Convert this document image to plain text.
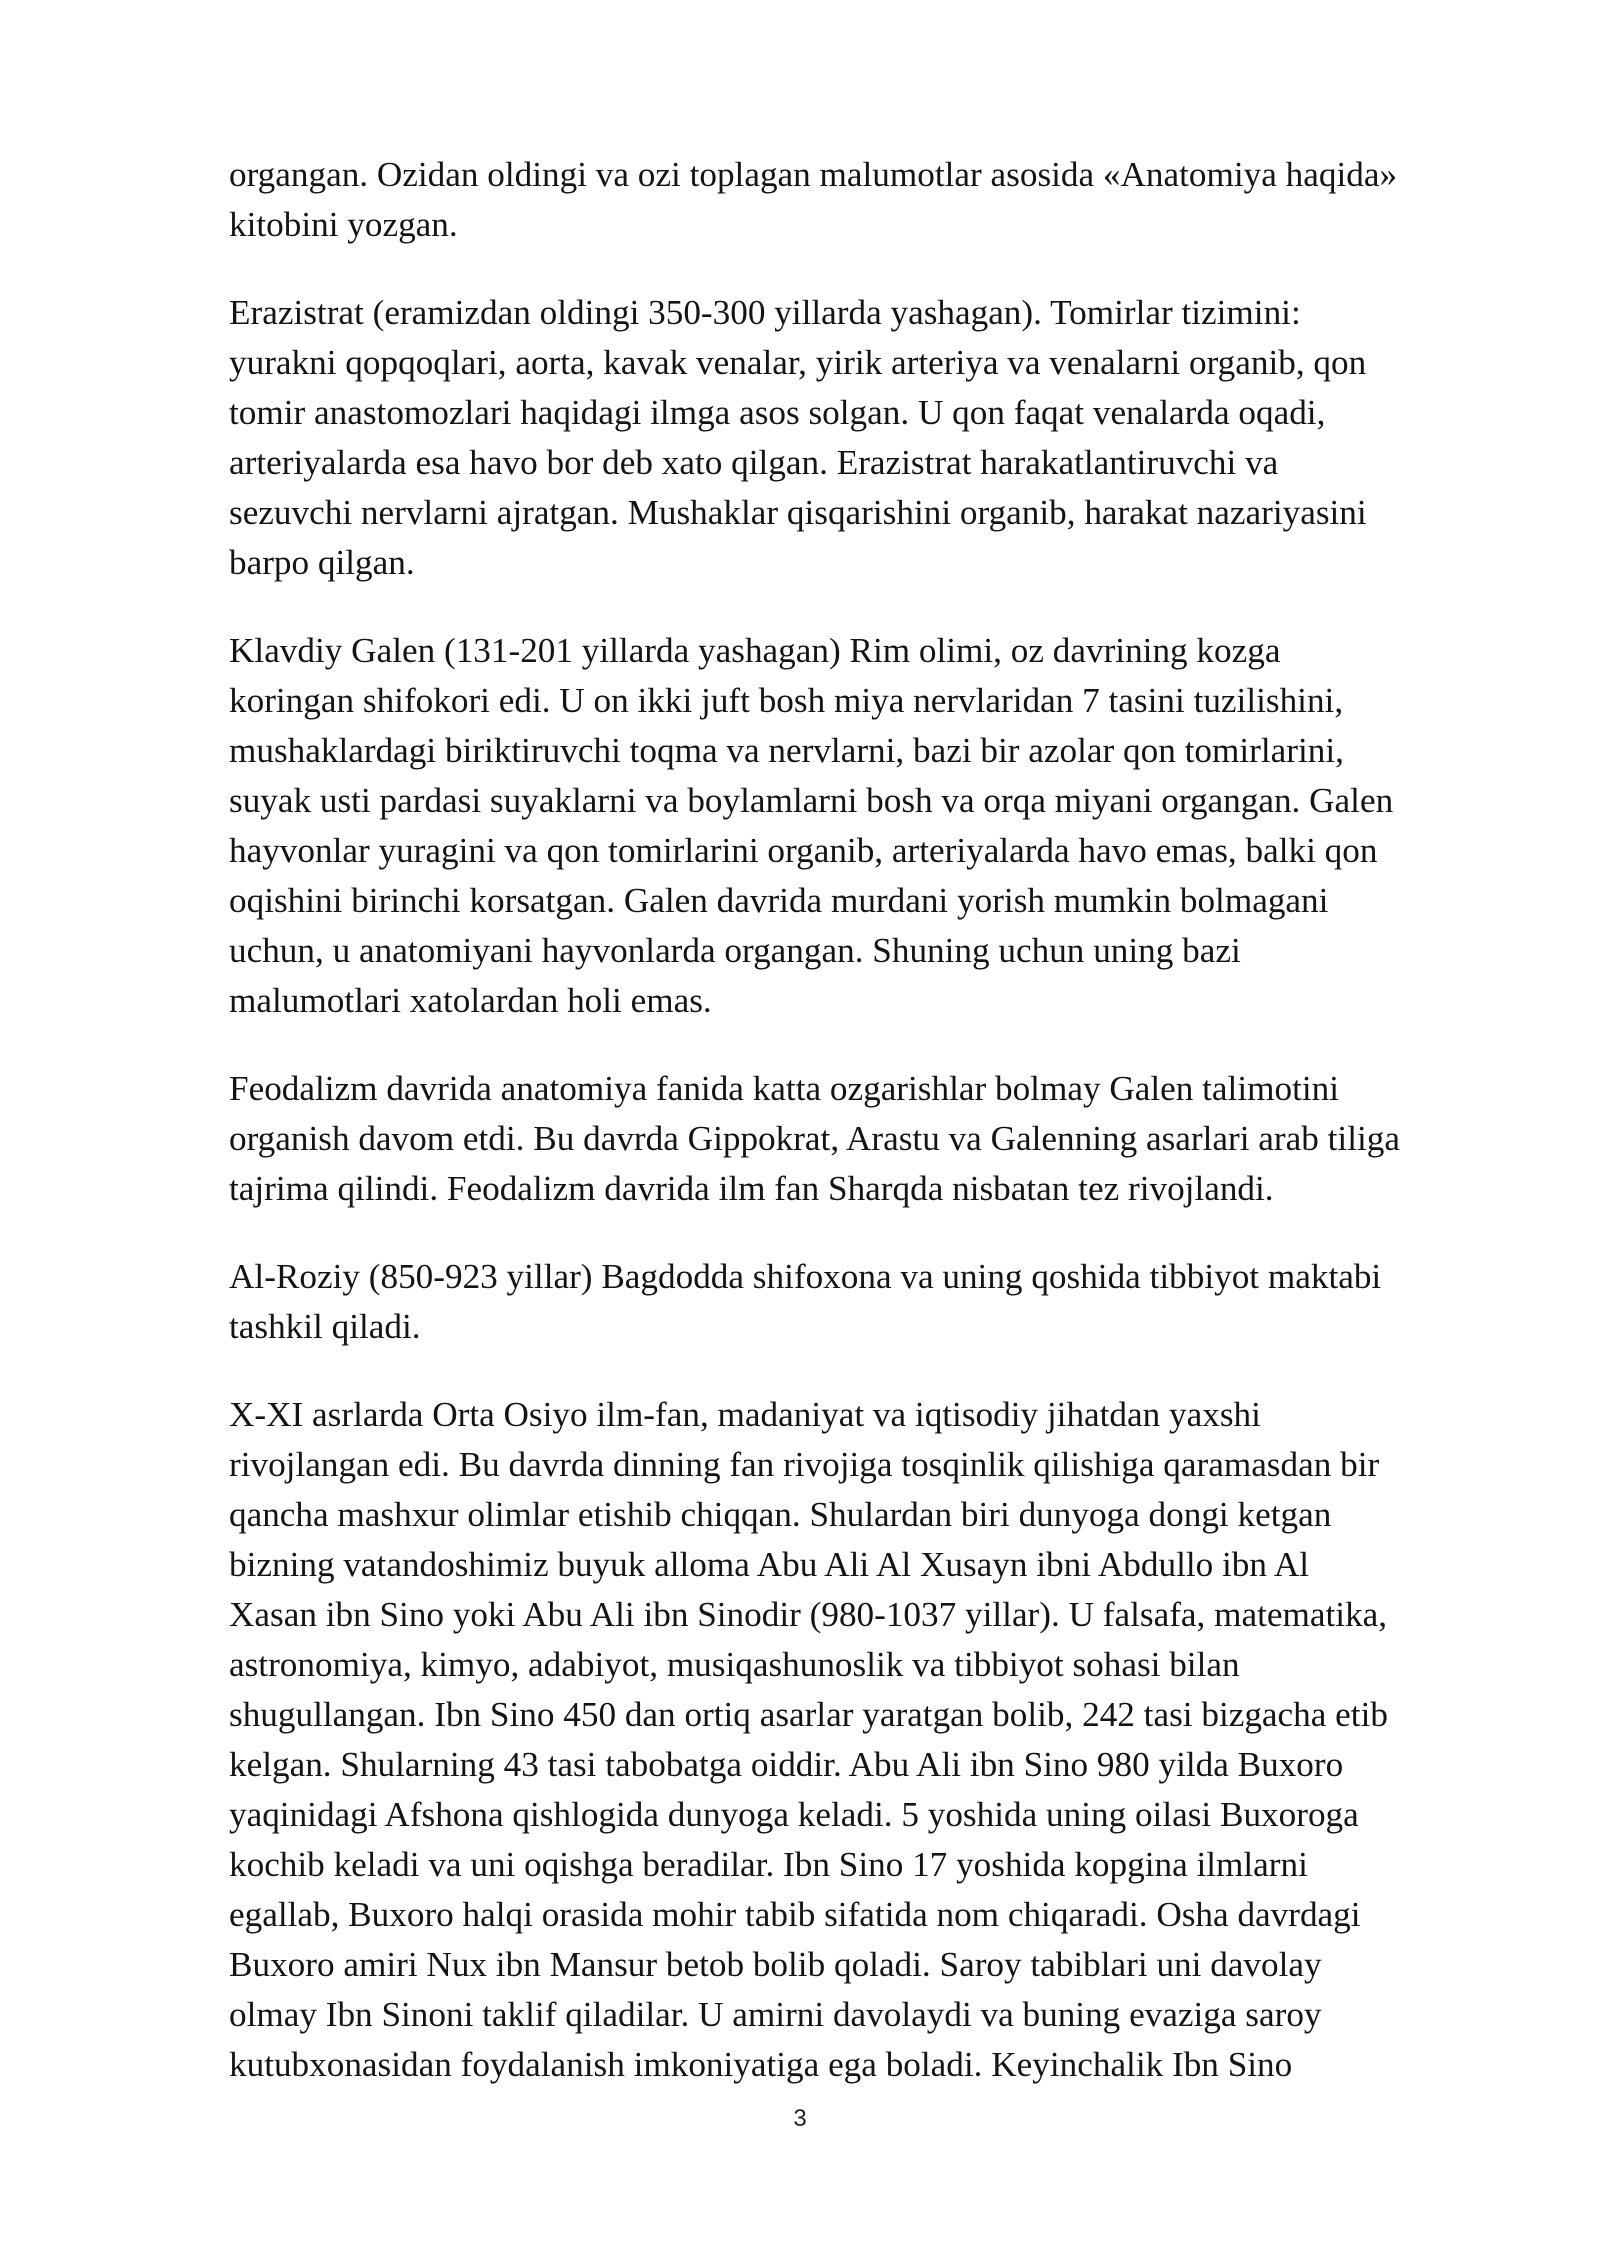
organgan. Ozidan oldingi va ozi toplagan malumotlar asosida «Anatomiya haqida»
kitobini yozgan.

Erazistrat (eramizdan oldingi 350-300 yillarda yashagan). Tomirlar tizimini:
yurakni qopqoqlari, aorta, kavak venalar, yirik arteriya va venalarni organib, qon
tomir anastomozlari haqidagi ilmga asos solgan. U qon faqat venalarda oqadi,
arteriyalarda esa havo bor deb xato qilgan. Erazistrat harakatlantiruvchi va
sezuvchi nervlarni ajratgan. Mushaklar qisqarishini organib, harakat nazariyasini
barpo qilgan.

Klavdiy Galen (131-201 yillarda yashagan) Rim olimi, oz davrining kozga
koringan shifokori edi. U on ikki juft bosh miya nervlaridan 7 tasini tuzilishini,
mushaklardagi biriktiruvchi toqma va nervlarni, bazi bir azolar qon tomirlarini,
suyak usti pardasi suyaklarni va boylamlarni bosh va orqa miyani organgan. Galen
hayvonlar yuragini va qon tomirlarini organib, arteriyalarda havo emas, balki qon
oqishini birinchi korsatgan. Galen davrida murdani yorish mumkin bolmagani
uchun, u anatomiyani hayvonlarda organgan. Shuning uchun uning bazi
malumotlari xatolardan holi emas.

Feodalizm davrida anatomiya fanida katta ozgarishlar bolmay Galen talimotini
organish davom etdi. Bu davrda Gippokrat, Arastu va Galenning asarlari arab tiliga
tajrima qilindi. Feodalizm davrida ilm fan Sharqda nisbatan tez rivojlandi.

Al-Roziy (850-923 yillar) Bagdodda shifoxona va uning qoshida tibbiyot maktabi
tashkil qiladi.

X-XI asrlarda Orta Osiyo ilm-fan, madaniyat va iqtisodiy jihatdan yaxshi
rivojlangan edi. Bu davrda dinning fan rivojiga tosqinlik qilishiga qaramasdan bir
qancha mashxur olimlar etishib chiqqan. Shulardan biri dunyoga dongi ketgan
bizning vatandoshimiz buyuk alloma Abu Ali Al Xusayn ibni Abdullo ibn Al
Xasan ibn Sino yoki Abu Ali ibn Sinodir (980-1037 yillar). U falsafa, matematika,
astronomiya, kimyo, adabiyot, musiqashunoslik va tibbiyot sohasi bilan
shugullangan. Ibn Sino 450 dan ortiq asarlar yaratgan bolib, 242 tasi bizgacha etib
kelgan. Shularning 43 tasi tabobatga oiddir. Abu Ali ibn Sino 980 yilda Buxoro
yaqinidagi Afshona qishlogida dunyoga keladi. 5 yoshida uning oilasi Buxoroga
kochib keladi va uni oqishga beradilar. Ibn Sino 17 yoshida kopgina ilmlarni
egallab, Buxoro halqi orasida mohir tabib sifatida nom chiqaradi. Osha davrdagi
Buxoro amiri Nux ibn Mansur betob bolib qoladi. Saroy tabiblari uni davolay
olmay Ibn Sinoni taklif qiladilar. U amirni davolaydi va buning evaziga saroy
kutubxonasidan foydalanish imkoniyatiga ega boladi. Keyinchalik Ibn Sino

3
